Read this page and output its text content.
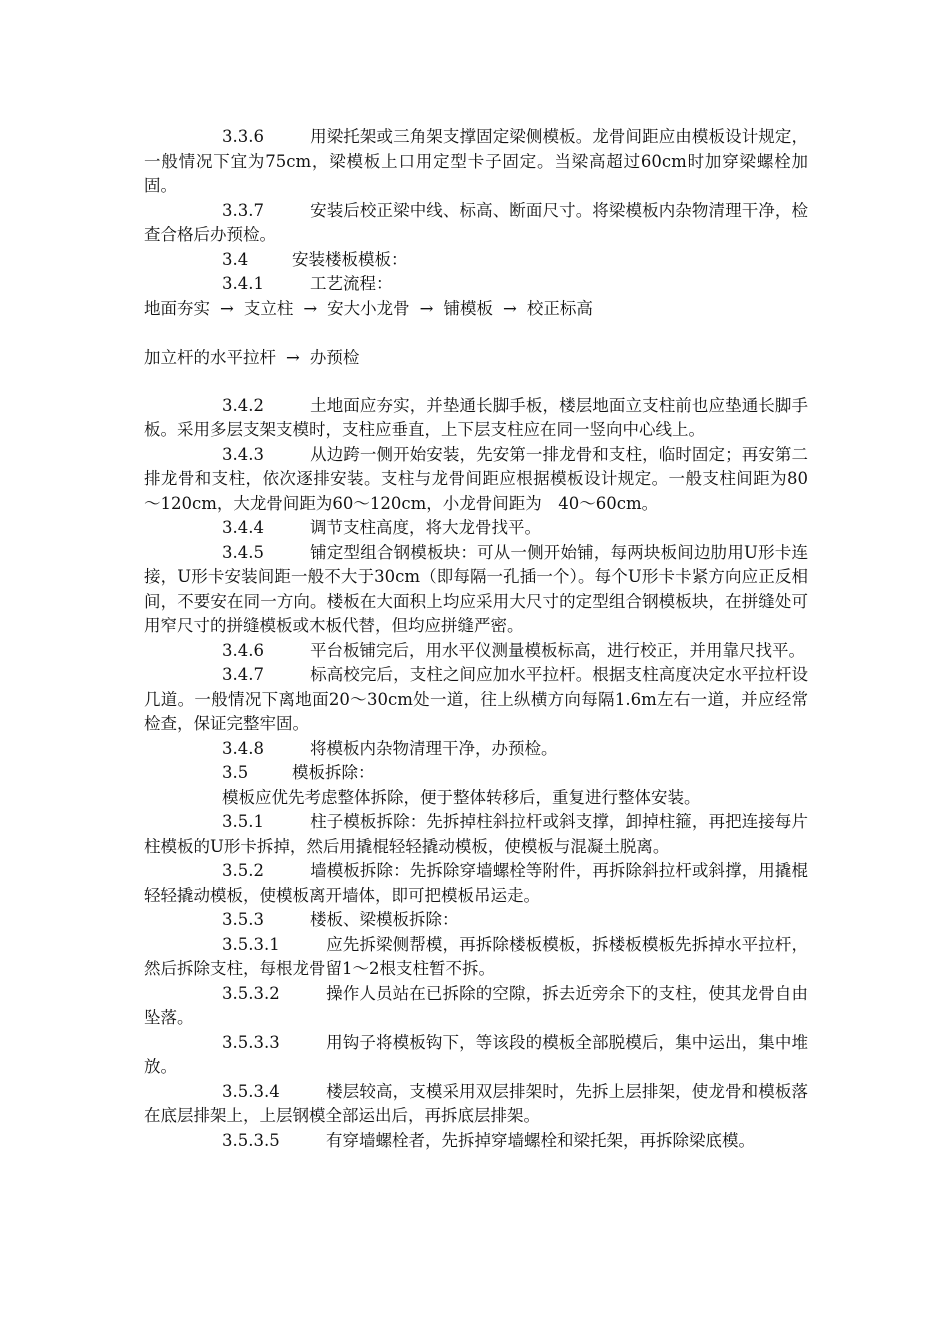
3.3.6	用梁托架或三角架支撑固定梁侧模板。龙骨间距应由模板设计规定，一般情况下宜为75cm，梁模板上口用定型卡子固定。当梁高超过60cm时加穿梁螺栓加固。

3.3.7	安装后校正梁中线、标高、断面尺寸。将梁模板内杂物清理干净，检查合格后办预检。

3.4	安装楼板模板：

3.4.1	工艺流程：

地面夯实 → 支立柱 → 安大小龙骨 → 铺模板 → 校正标高

加立杆的水平拉杆 → 办预检

3.4.2	土地面应夯实，并垫通长脚手板，楼层地面立支柱前也应垫通长脚手板。采用多层支架支模时，支柱应垂直，上下层支柱应在同一竖向中心线上。

3.4.3	从边跨一侧开始安装，先安第一排龙骨和支柱，临时固定；再安第二排龙骨和支柱，依次逐排安装。支柱与龙骨间距应根据模板设计规定。一般支柱间距为80～120cm，大龙骨间距为60～120cm，小龙骨间距为　40～60cm。

3.4.4	调节支柱高度，将大龙骨找平。

3.4.5	铺定型组合钢模板块：可从一侧开始铺，每两块板间边肋用U形卡连接，U形卡安装间距一般不大于30cm（即每隔一孔插一个）。每个U形卡卡紧方向应正反相间，不要安在同一方向。楼板在大面积上均应采用大尺寸的定型组合钢模板块，在拼缝处可用窄尺寸的拼缝模板或木板代替，但均应拼缝严密。

3.4.6	平台板铺完后，用水平仪测量模板标高，进行校正，并用靠尺找平。

3.4.7	标高校完后，支柱之间应加水平拉杆。根据支柱高度决定水平拉杆设几道。一般情况下离地面20～30cm处一道，往上纵横方向每隔1.6m左右一道，并应经常检查，保证完整牢固。

3.4.8	将模板内杂物清理干净，办预检。

3.5	模板拆除：

模板应优先考虑整体拆除，便于整体转移后，重复进行整体安装。

3.5.1	柱子模板拆除：先拆掉柱斜拉杆或斜支撑，卸掉柱箍，再把连接每片柱模板的U形卡拆掉，然后用撬棍轻轻撬动模板，使模板与混凝土脱离。

3.5.2	墙模板拆除：先拆除穿墙螺栓等附件，再拆除斜拉杆或斜撑，用撬棍轻轻撬动模板，使模板离开墙体，即可把模板吊运走。

3.5.3	楼板、梁模板拆除：

3.5.3.1	应先拆梁侧帮模，再拆除楼板模板，拆楼板模板先拆掉水平拉杆，然后拆除支柱，每根龙骨留1～2根支柱暂不拆。

3.5.3.2	操作人员站在已拆除的空隙，拆去近旁余下的支柱，使其龙骨自由坠落。

3.5.3.3	用钩子将模板钩下，等该段的模板全部脱模后，集中运出，集中堆放。

3.5.3.4	楼层较高，支模采用双层排架时，先拆上层排架，使龙骨和模板落在底层排架上，上层钢模全部运出后，再拆底层排架。

3.5.3.5	有穿墙螺栓者，先拆掉穿墙螺栓和梁托架，再拆除梁底模。
